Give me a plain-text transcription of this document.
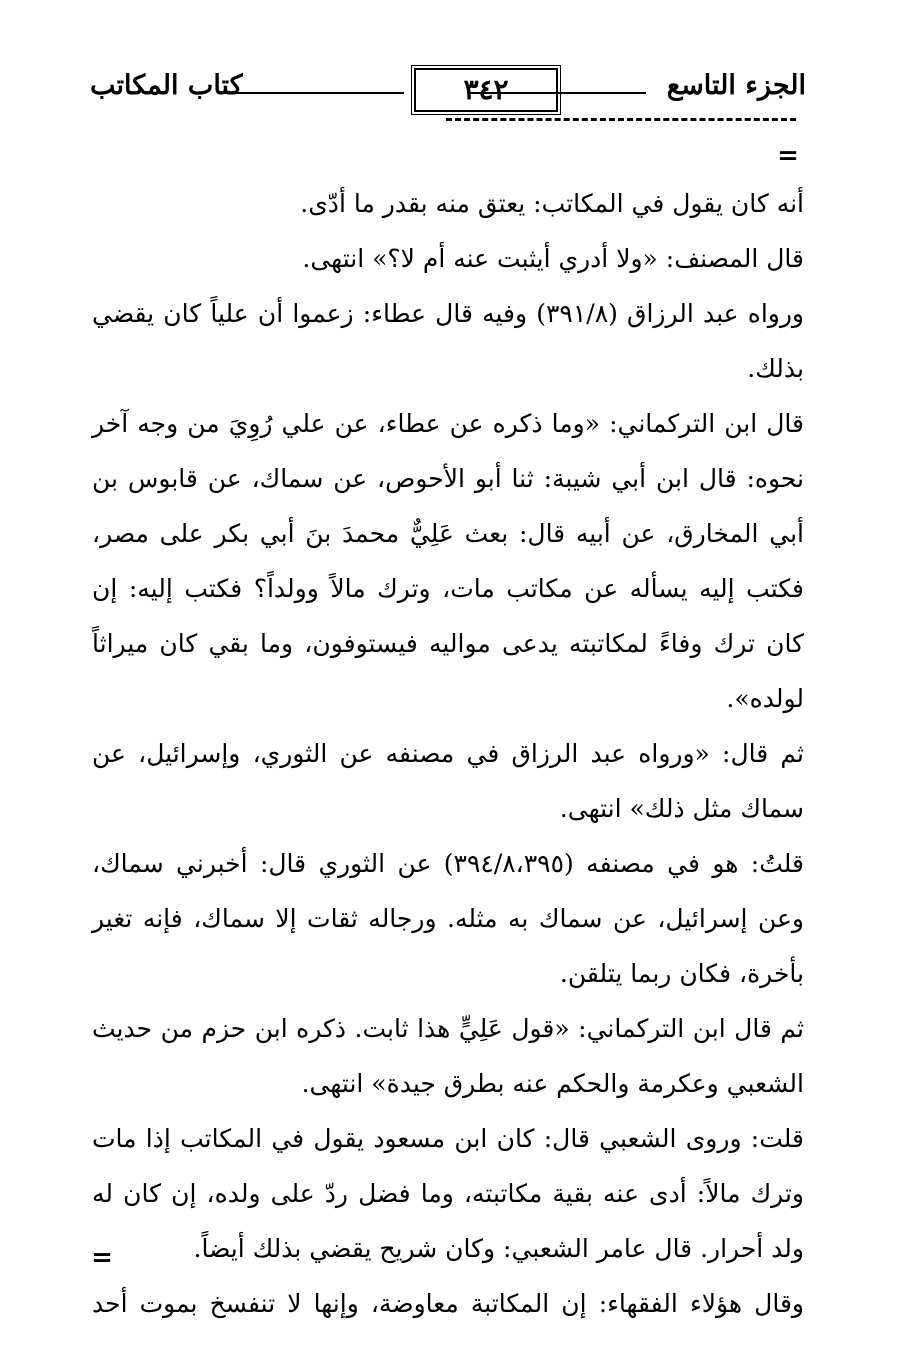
الجزء التاسع
٣٤٢
كتاب المكاتب
=

أنه كان يقول في المكاتب: يعتق منه بقدر ما أدّى.

قال المصنف: «ولا أدري أيثبت عنه أم لا؟» انتهى.

ورواه عبد الرزاق (٣٩١/٨) وفيه قال عطاء: زعموا أن علياً كان يقضي بذلك.

قال ابن التركماني: «وما ذكره عن عطاء، عن علي رُوِيَ من وجه آخر نحوه: قال ابن أبي شيبة: ثنا أبو الأحوص، عن سماك، عن قابوس بن أبي المخارق، عن أبيه قال: بعث عَلِيٌّ محمدَ بنَ أبي بكر على مصر، فكتب إليه يسأله عن مكاتب مات، وترك مالاً وولداً؟ فكتب إليه: إن كان ترك وفاءً لمكاتبته يدعى مواليه فيستوفون، وما بقي كان ميراثاً لولده».

ثم قال: «ورواه عبد الرزاق في مصنفه عن الثوري، وإسرائيل، عن سماك مثل ذلك» انتهى.

قلتُ: هو في مصنفه (٣٩٤/٨،٣٩٥) عن الثوري قال: أخبرني سماك، وعن إسرائيل، عن سماك به مثله. ورجاله ثقات إلا سماك، فإنه تغير بأخرة، فكان ربما يتلقن.

ثم قال ابن التركماني: «قول عَلِيٍّ هذا ثابت. ذكره ابن حزم من حديث الشعبي وعكرمة والحكم عنه بطرق جيدة» انتهى.

قلت: وروى الشعبي قال: كان ابن مسعود يقول في المكاتب إذا مات وترك مالاً: أدى عنه بقية مكاتبته، وما فضل ردّ على ولده، إن كان له ولد أحرار. قال عامر الشعبي: وكان شريح يقضي بذلك أيضاً.

وقال هؤلاء الفقهاء: إن المكاتبة معاوضة، وإنها لا تنفسخ بموت أحد

=
